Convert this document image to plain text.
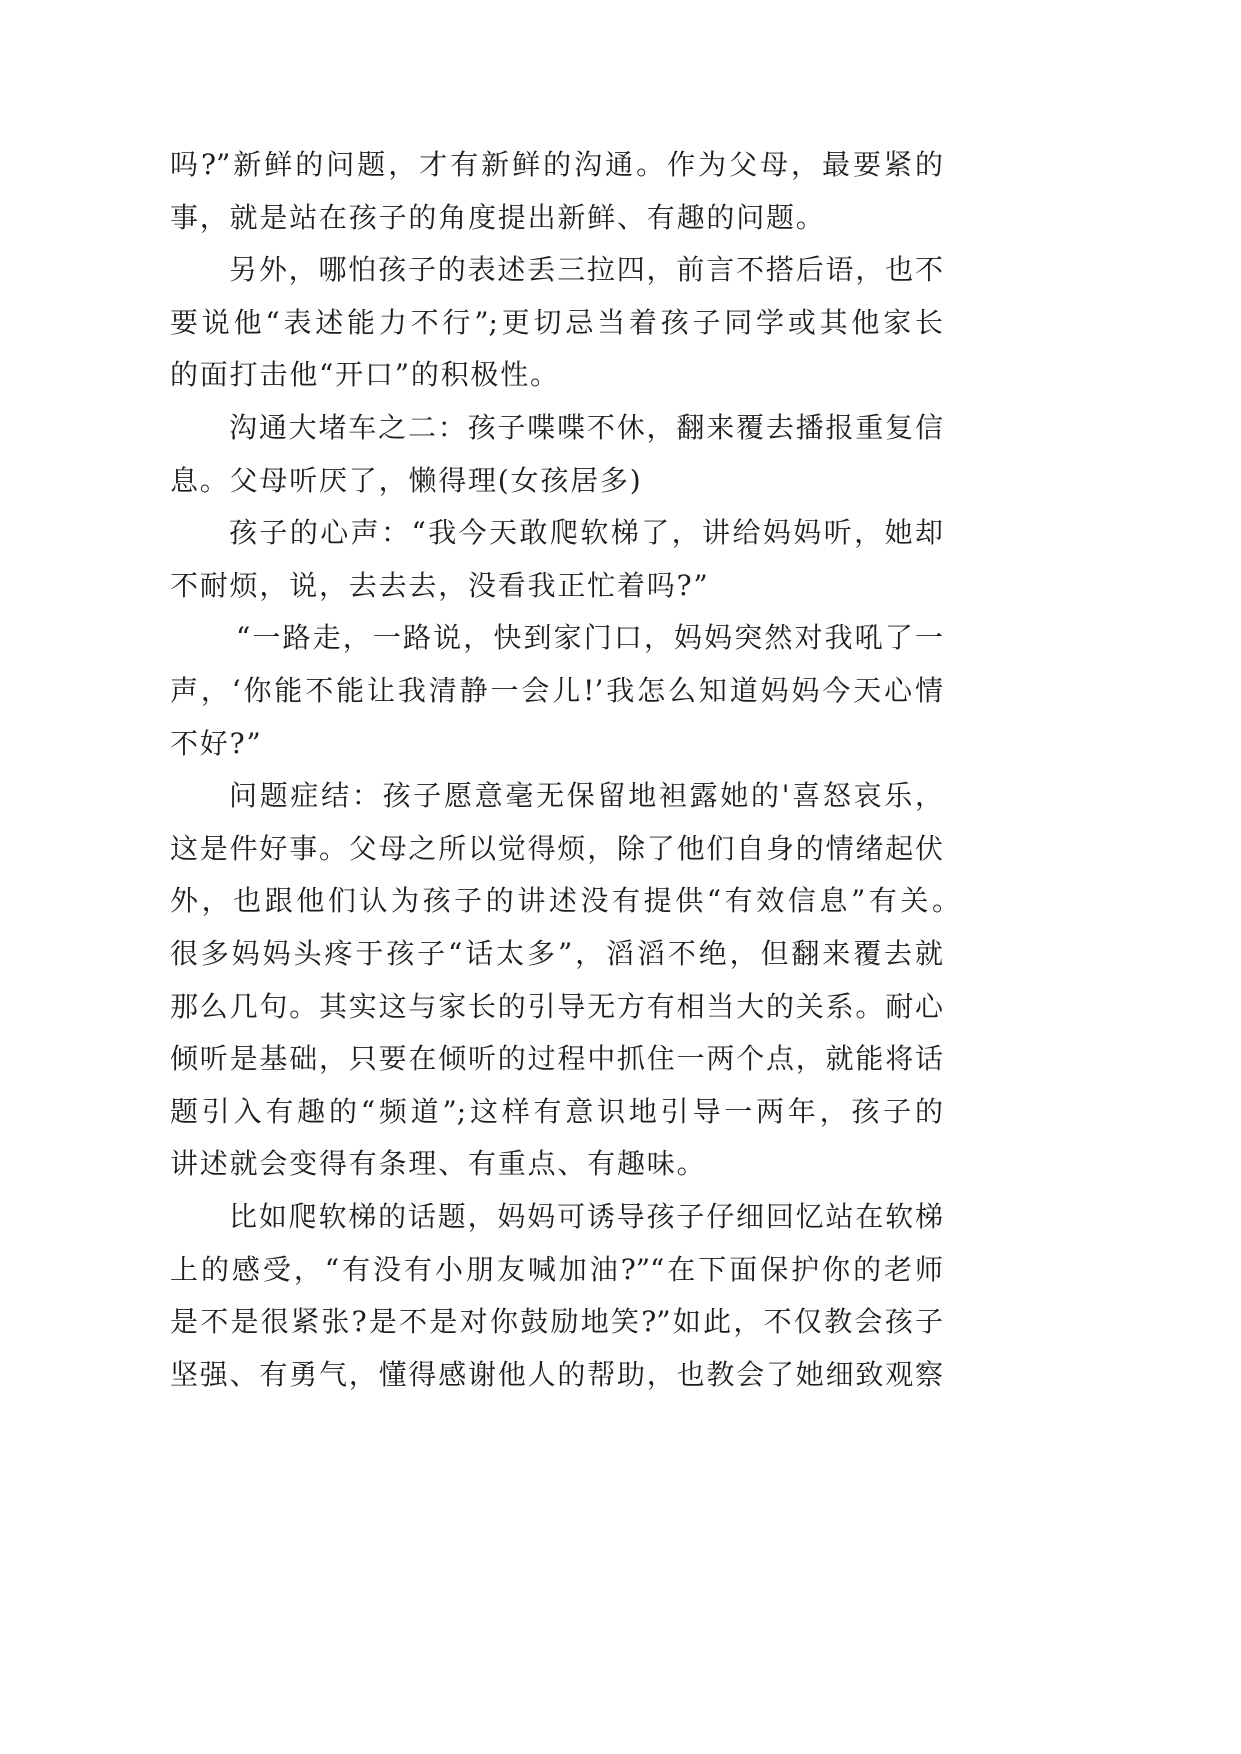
吗?”新鲜的问题，才有新鲜的沟通。作为父母，最要紧的
事，就是站在孩子的角度提出新鲜、有趣的问题。
另外，哪怕孩子的表述丢三拉四，前言不搭后语，也不
要说他“表述能力不行”;更切忌当着孩子同学或其他家长
的面打击他“开口”的积极性。
沟通大堵车之二：孩子喋喋不休，翻来覆去播报重复信
息。父母听厌了，懒得理(女孩居多)
孩子的心声：“我今天敢爬软梯了，讲给妈妈听，她却
不耐烦，说，去去去，没看我正忙着吗?”
“一路走，一路说，快到家门口，妈妈突然对我吼了一
声，‘你能不能让我清静一会儿!’我怎么知道妈妈今天心情
不好?”
问题症结：孩子愿意毫无保留地袒露她的'喜怒哀乐，
这是件好事。父母之所以觉得烦，除了他们自身的情绪起伏
外，也跟他们认为孩子的讲述没有提供“有效信息”有关。
很多妈妈头疼于孩子“话太多”，滔滔不绝，但翻来覆去就
那么几句。其实这与家长的引导无方有相当大的关系。耐心
倾听是基础，只要在倾听的过程中抓住一两个点，就能将话
题引入有趣的“频道”;这样有意识地引导一两年，孩子的
讲述就会变得有条理、有重点、有趣味。
比如爬软梯的话题，妈妈可诱导孩子仔细回忆站在软梯
上的感受，“有没有小朋友喊加油?”“在下面保护你的老师
是不是很紧张?是不是对你鼓励地笑?”如此，不仅教会孩子
坚强、有勇气，懂得感谢他人的帮助，也教会了她细致观察
